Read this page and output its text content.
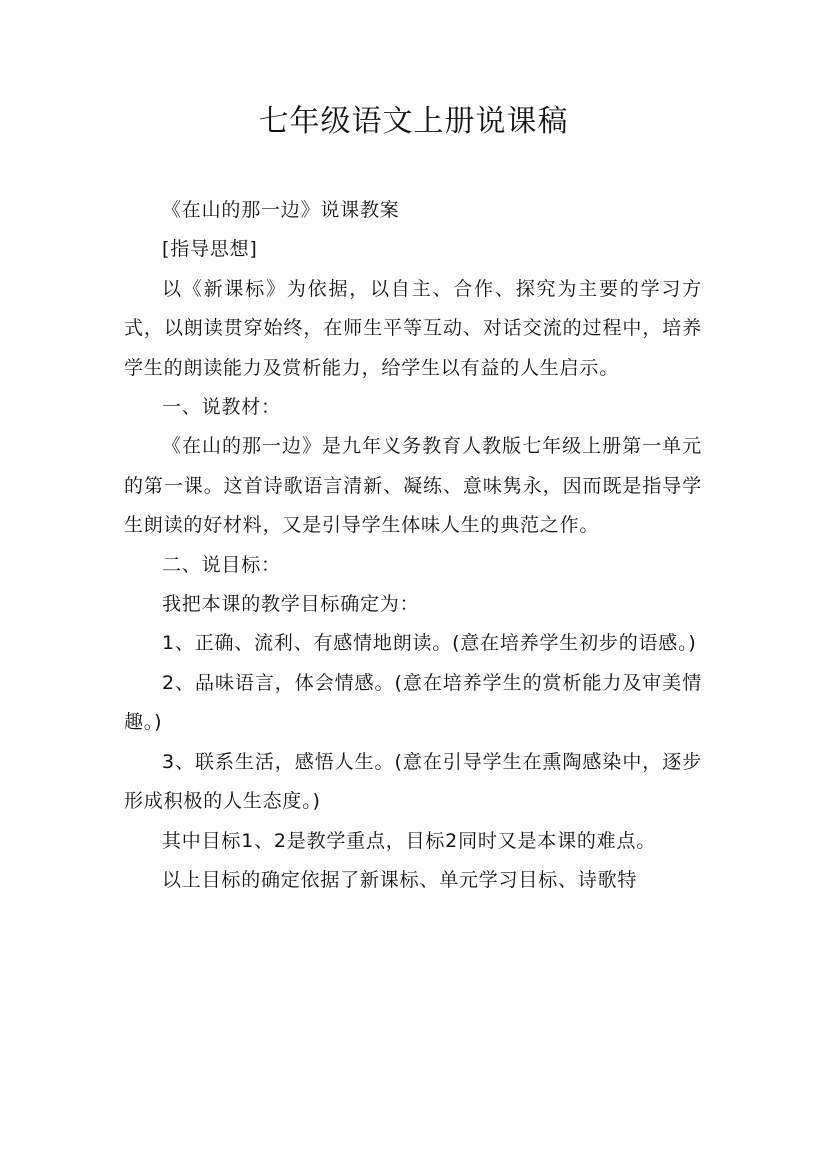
七年级语文上册说课稿

《在山的那一边》说课教案

[指导思想]

以《新课标》为依据，以自主、合作、探究为主要的学习方式，以朗读贯穿始终，在师生平等互动、对话交流的过程中，培养学生的朗读能力及赏析能力，给学生以有益的人生启示。

一、说教材：

《在山的那一边》是九年义务教育人教版七年级上册第一单元的第一课。这首诗歌语言清新、凝练、意味隽永，因而既是指导学生朗读的好材料，又是引导学生体味人生的典范之作。

二、说目标：

我把本课的教学目标确定为：

1、正确、流利、有感情地朗读。(意在培养学生初步的语感。)

2、品味语言，体会情感。(意在培养学生的赏析能力及审美情趣。)

3、联系生活，感悟人生。(意在引导学生在熏陶感染中，逐步形成积极的人生态度。)

其中目标1、2是教学重点，目标2同时又是本课的难点。

以上目标的确定依据了新课标、单元学习目标、诗歌特
